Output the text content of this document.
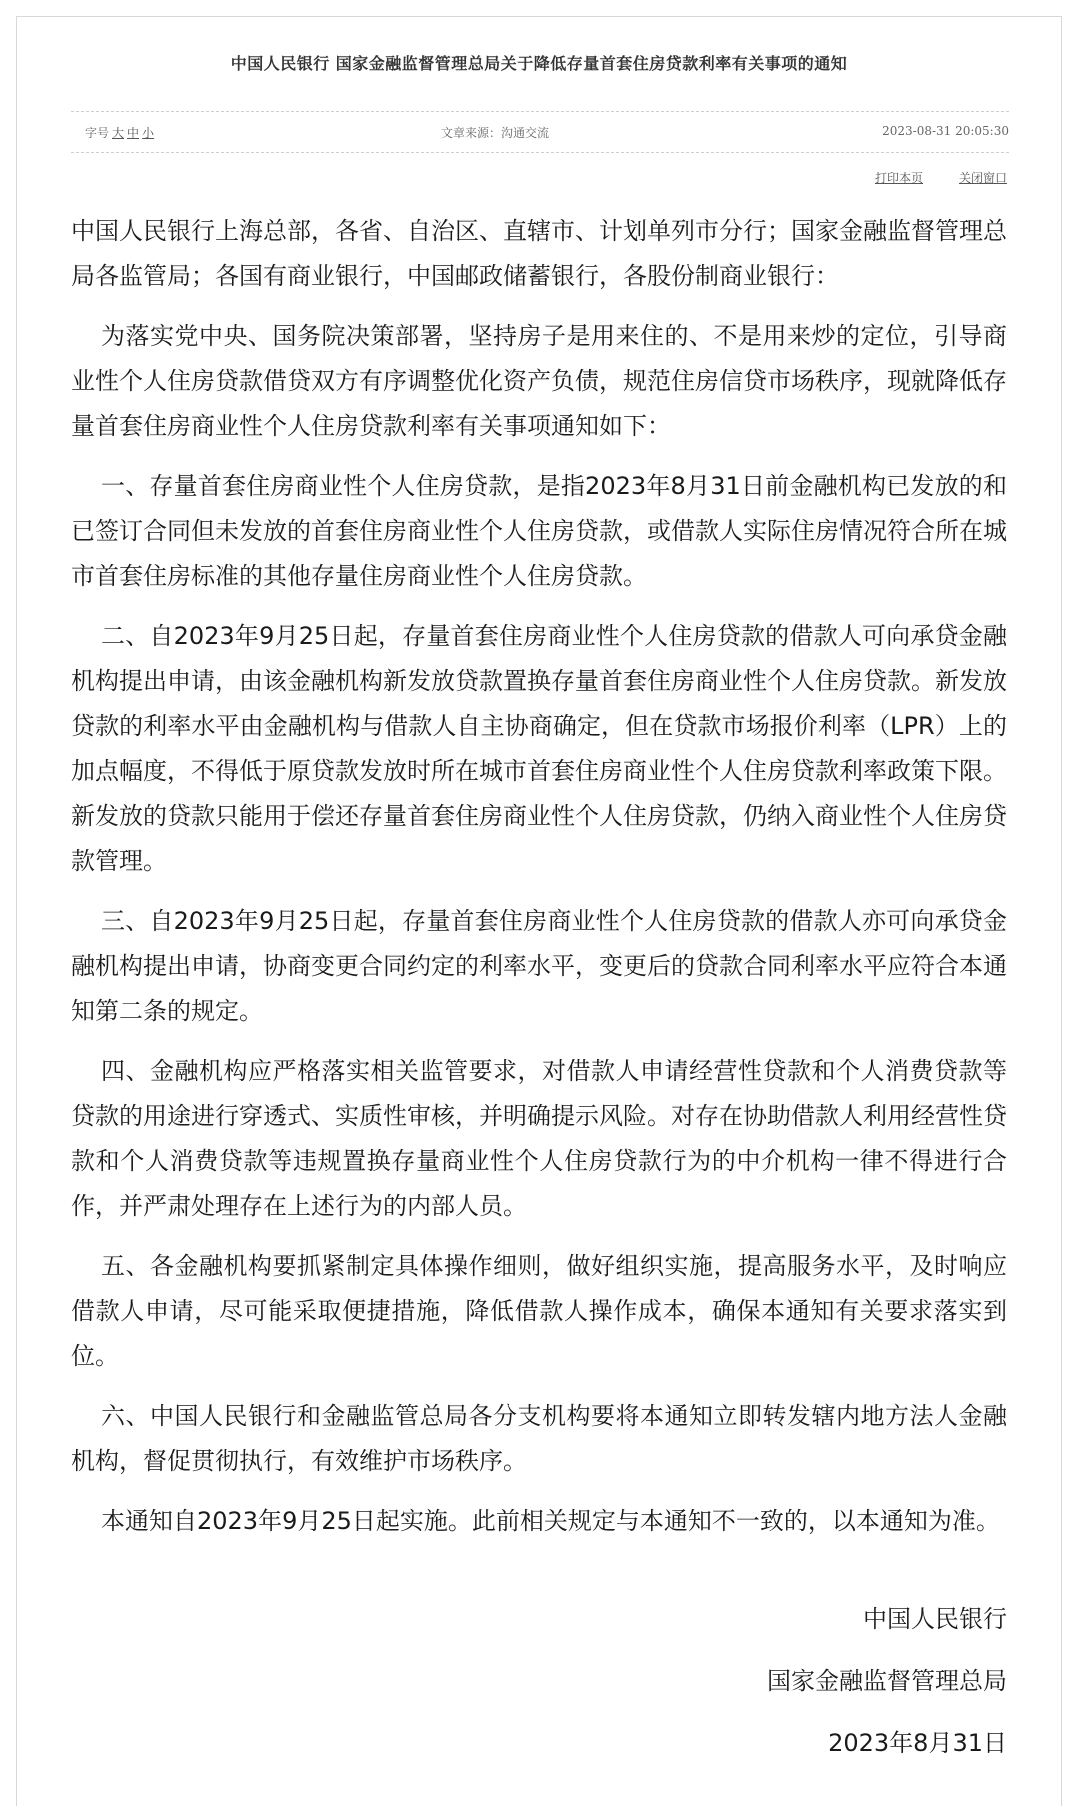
中国人民银行 国家金融监督管理总局关于降低存量首套住房贷款利率有关事项的通知
字号 大 中 小	文章来源：沟通交流	2023-08-31 20:05:30
打印本页	关闭窗口

中国人民银行上海总部，各省、自治区、直辖市、计划单列市分行；国家金融监督管理总局各监管局；各国有商业银行，中国邮政储蓄银行，各股份制商业银行：

为落实党中央、国务院决策部署，坚持房子是用来住的、不是用来炒的定位，引导商业性个人住房贷款借贷双方有序调整优化资产负债，规范住房信贷市场秩序，现就降低存量首套住房商业性个人住房贷款利率有关事项通知如下：

一、存量首套住房商业性个人住房贷款，是指2023年8月31日前金融机构已发放的和已签订合同但未发放的首套住房商业性个人住房贷款，或借款人实际住房情况符合所在城市首套住房标准的其他存量住房商业性个人住房贷款。

二、自2023年9月25日起，存量首套住房商业性个人住房贷款的借款人可向承贷金融机构提出申请，由该金融机构新发放贷款置换存量首套住房商业性个人住房贷款。新发放贷款的利率水平由金融机构与借款人自主协商确定，但在贷款市场报价利率（LPR）上的加点幅度，不得低于原贷款发放时所在城市首套住房商业性个人住房贷款利率政策下限。新发放的贷款只能用于偿还存量首套住房商业性个人住房贷款，仍纳入商业性个人住房贷款管理。

三、自2023年9月25日起，存量首套住房商业性个人住房贷款的借款人亦可向承贷金融机构提出申请，协商变更合同约定的利率水平，变更后的贷款合同利率水平应符合本通知第二条的规定。

四、金融机构应严格落实相关监管要求，对借款人申请经营性贷款和个人消费贷款等贷款的用途进行穿透式、实质性审核，并明确提示风险。对存在协助借款人利用经营性贷款和个人消费贷款等违规置换存量商业性个人住房贷款行为的中介机构一律不得进行合作，并严肃处理存在上述行为的内部人员。

五、各金融机构要抓紧制定具体操作细则，做好组织实施，提高服务水平，及时响应借款人申请，尽可能采取便捷措施，降低借款人操作成本，确保本通知有关要求落实到位。

六、中国人民银行和金融监管总局各分支机构要将本通知立即转发辖内地方法人金融机构，督促贯彻执行，有效维护市场秩序。

本通知自2023年9月25日起实施。此前相关规定与本通知不一致的，以本通知为准。

中国人民银行
国家金融监督管理总局
2023年8月31日
